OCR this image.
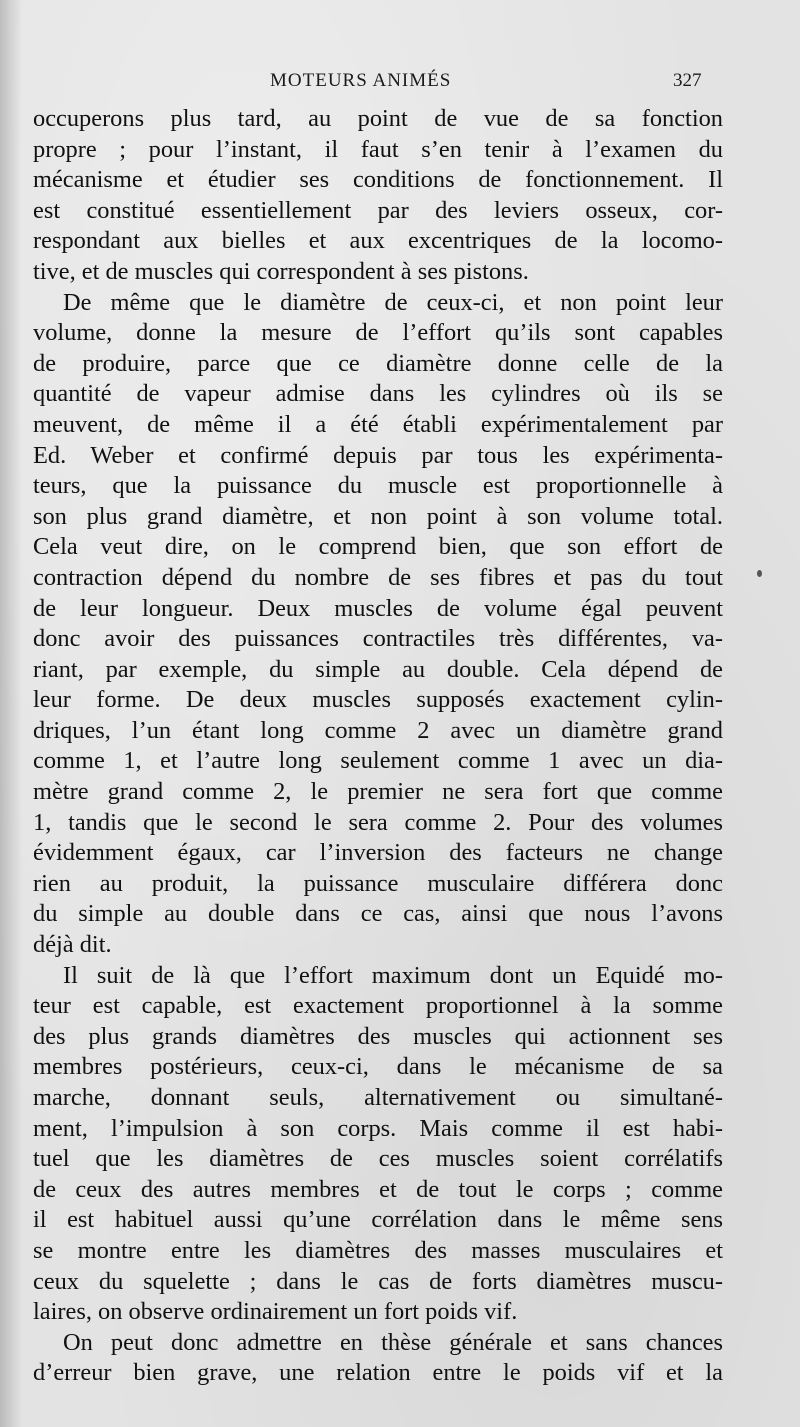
MOTEURS ANIMÉS	327
occuperons plus tard, au point de vue de sa fonction
propre ; pour l’instant, il faut s’en tenir à l’examen du
mécanisme et étudier ses conditions de fonctionnement. Il
est constitué essentiellement par des leviers osseux, cor-
respondant aux bielles et aux excentriques de la locomo-
tive, et de muscles qui correspondent à ses pistons.
De même que le diamètre de ceux-ci, et non point leur
volume, donne la mesure de l’effort qu’ils sont capables
de produire, parce que ce diamètre donne celle de la
quantité de vapeur admise dans les cylindres où ils se
meuvent, de même il a été établi expérimentalement par
Ed. Weber et confirmé depuis par tous les expérimenta-
teurs, que la puissance du muscle est proportionnelle à
son plus grand diamètre, et non point à son volume total.
Cela veut dire, on le comprend bien, que son effort de
contraction dépend du nombre de ses fibres et pas du tout
de leur longueur. Deux muscles de volume égal peuvent
donc avoir des puissances contractiles très différentes, va-
riant, par exemple, du simple au double. Cela dépend de
leur forme. De deux muscles supposés exactement cylin-
driques, l’un étant long comme 2 avec un diamètre grand
comme 1, et l’autre long seulement comme 1 avec un dia-
mètre grand comme 2, le premier ne sera fort que comme
1, tandis que le second le sera comme 2. Pour des volumes
évidemment égaux, car l’inversion des facteurs ne change
rien au produit, la puissance musculaire différera donc
du simple au double dans ce cas, ainsi que nous l’avons
déjà dit.
Il suit de là que l’effort maximum dont un Equidé mo-
teur est capable, est exactement proportionnel à la somme
des plus grands diamètres des muscles qui actionnent ses
membres postérieurs, ceux-ci, dans le mécanisme de sa
marche, donnant seuls, alternativement ou simultané-
ment, l’impulsion à son corps. Mais comme il est habi-
tuel que les diamètres de ces muscles soient corrélatifs
de ceux des autres membres et de tout le corps ; comme
il est habituel aussi qu’une corrélation dans le même sens
se montre entre les diamètres des masses musculaires et
ceux du squelette ; dans le cas de forts diamètres muscu-
laires, on observe ordinairement un fort poids vif.
On peut donc admettre en thèse générale et sans chances
d’erreur bien grave, une relation entre le poids vif et la
